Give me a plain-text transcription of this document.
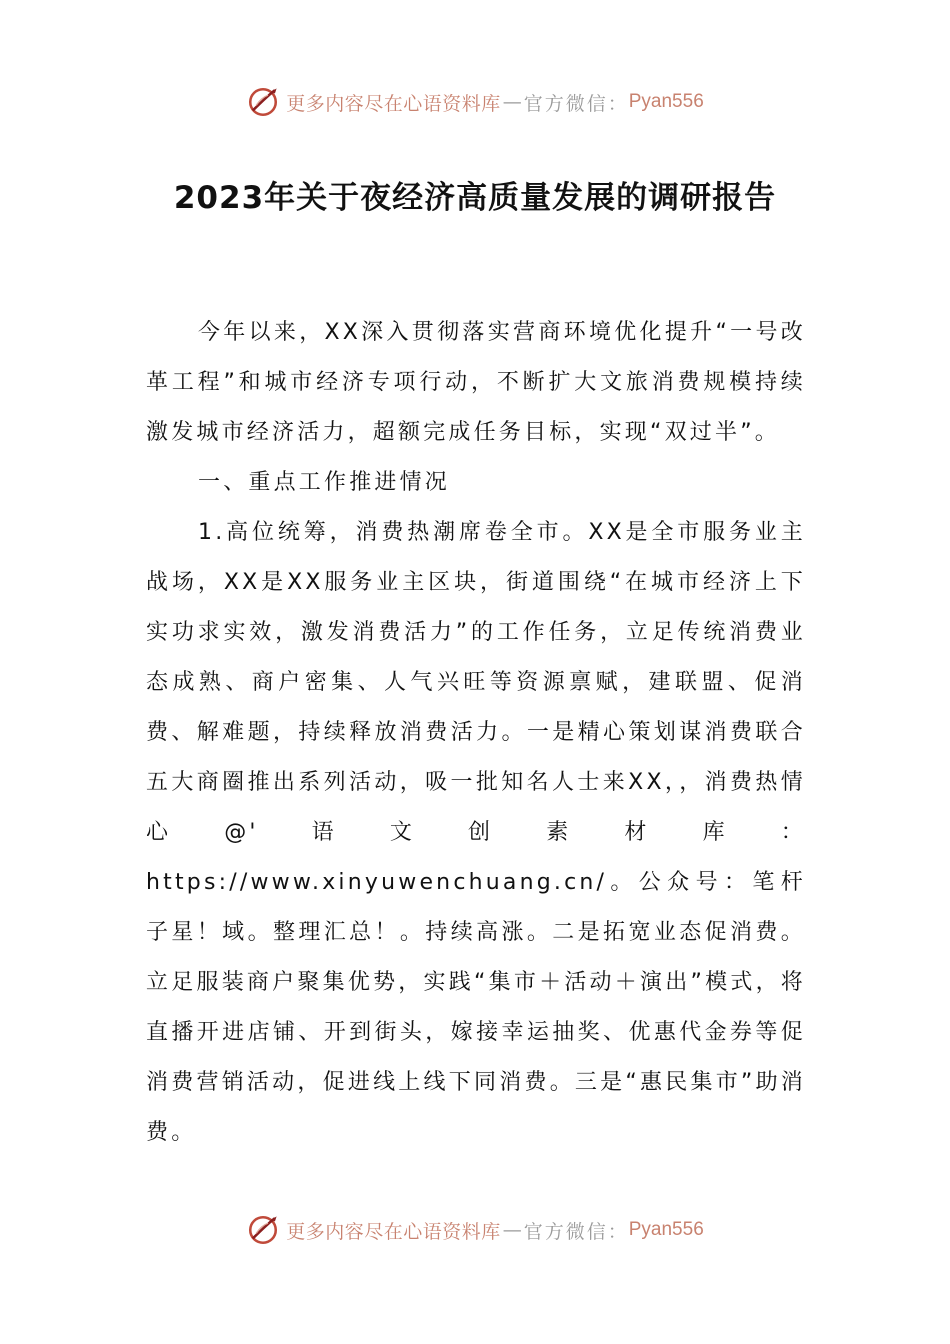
更多内容尽在心语资料库 — 官方微信： Pyan556
2023年关于夜经济高质量发展的调研报告

今年以来，XX深入贯彻落实营商环境优化提升“一号改革工程”和城市经济专项行动，不断扩大文旅消费规模持续激发城市经济活力，超额完成任务目标，实现“双过半”。

一、重点工作推进情况

1.高位统筹，消费热潮席卷全市。XX是全市服务业主战场，XX是XX服务业主区块，街道围绕“在城市经济上下实功求实效，激发消费活力”的工作任务，立足传统消费业态成熟、商户密集、人气兴旺等资源禀赋，建联盟、促消费、解难题，持续释放消费活力。一是精心策划谋消费联合五大商圈推出系列活动，吸一批知名人士来XX，，消费热情心@'语文创素材库：https://www.xinyuwenchuang.cn/。公众号：笔杆子星！域。整理汇总！。持续高涨。二是拓宽业态促消费。立足服装商户聚集优势，实践“集市＋活动＋演出”模式，将直播开进店铺、开到街头，嫁接幸运抽奖、优惠代金券等促消费营销活动，促进线上线下同消费。三是“惠民集市”助消费。

更多内容尽在心语资料库 — 官方微信： Pyan556
